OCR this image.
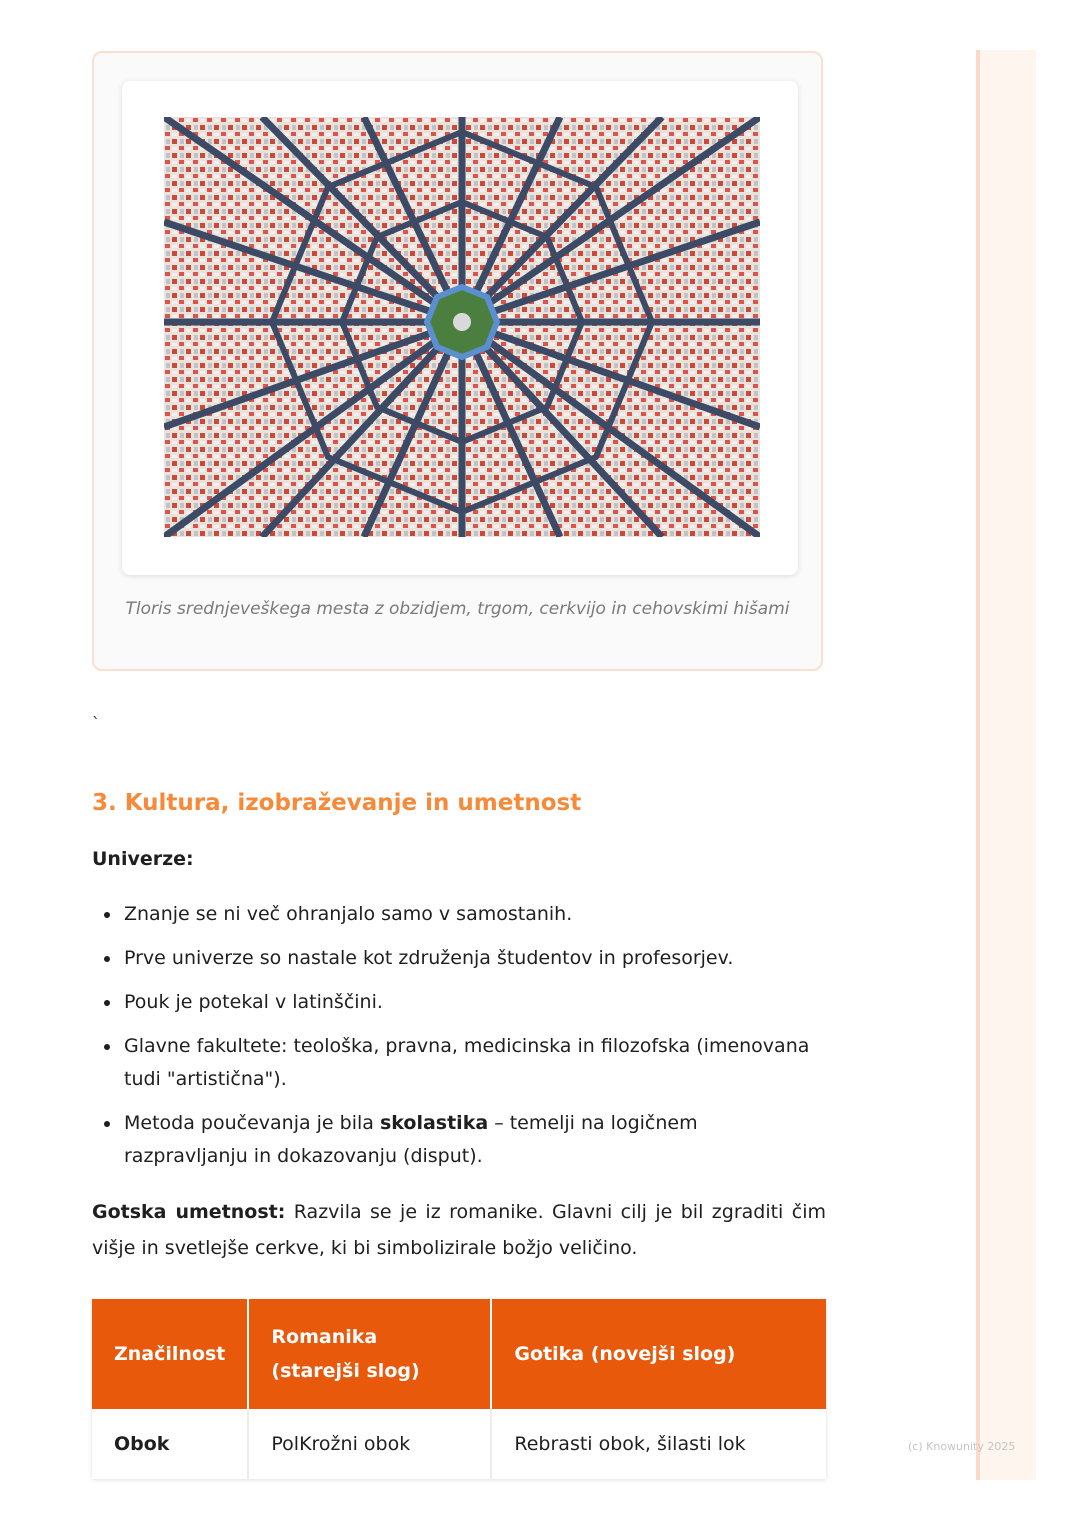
(c) Knowunity 2025
Tloris srednjeveškega mesta z obzidjem, trgom, cerkvijo in cehovskimi hišami
`
3. Kultura, izobraževanje in umetnost
Univerze:
Znanje se ni več ohranjalo samo v samostanih.
Prve univerze so nastale kot združenja študentov in profesorjev.
Pouk je potekal v latinščini.
Glavne fakultete: teološka, pravna, medicinska in filozofska (imenovana tudi "artistična").
Metoda poučevanja je bila skolastika – temelji na logičnem razpravljanju in dokazovanju (disput).

Gotska umetnost: Razvila se je iz romanike. Glavni cilj je bil zgraditi čim višje in svetlejše cerkve, ki bi simbolizirale božjo veličino.

Značilnost	Romanika (starejši slog)	Gotika (novejši slog)
Obok	PolKrožni obok	Rebrasti obok, šilasti lok
